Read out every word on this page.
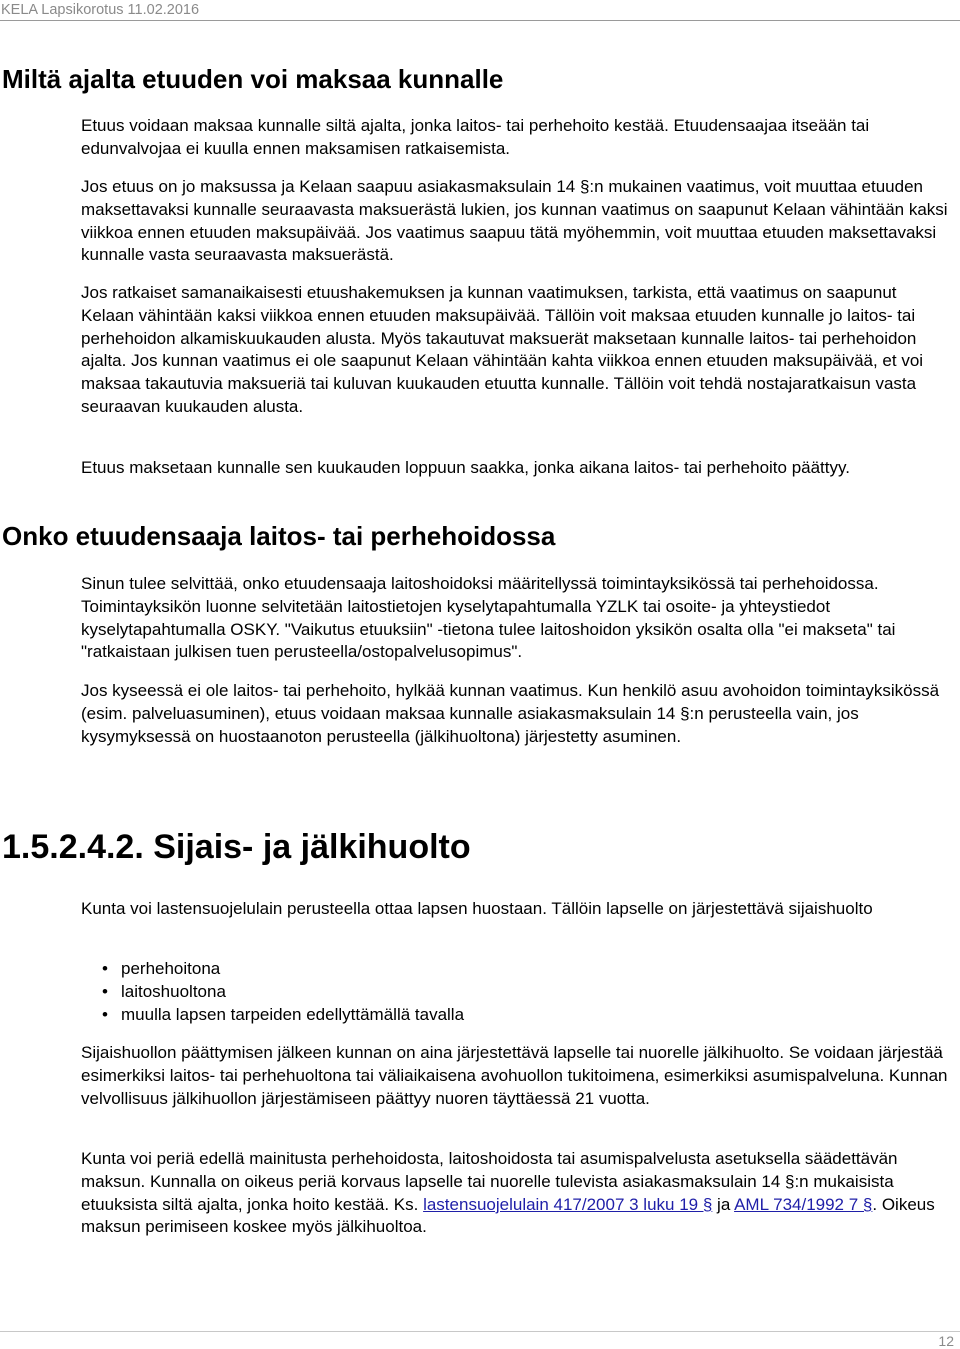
KELA Lapsikorotus 11.02.2016
Miltä ajalta etuuden voi maksaa kunnalle

Etuus voidaan maksaa kunnalle siltä ajalta, jonka laitos- tai perhehoito kestää. Etuudensaajaa itseään tai edunvalvojaa ei kuulla ennen maksamisen ratkaisemista.

Jos etuus on jo maksussa ja Kelaan saapuu asiakasmaksulain 14 §:n mukainen vaatimus, voit muuttaa etuuden maksettavaksi kunnalle seuraavasta maksuerästä lukien, jos kunnan vaatimus on saapunut Kelaan vähintään kaksi viikkoa ennen etuuden maksupäivää. Jos vaatimus saapuu tätä myöhemmin, voit muuttaa etuuden maksettavaksi kunnalle vasta seuraavasta maksuerästä.

Jos ratkaiset samanaikaisesti etuushakemuksen ja kunnan vaatimuksen, tarkista, että vaatimus on saapunut Kelaan vähintään kaksi viikkoa ennen etuuden maksupäivää. Tällöin voit maksaa etuuden kunnalle jo laitos- tai perhehoidon alkamiskuukauden alusta. Myös takautuvat maksuerät maksetaan kunnalle laitos- tai perhehoidon ajalta. Jos kunnan vaatimus ei ole saapunut Kelaan vähintään kahta viikkoa ennen etuuden maksupäivää, et voi maksaa takautuvia maksueriä tai kuluvan kuukauden etuutta kunnalle. Tällöin voit tehdä nostajaratkaisun vasta seuraavan kuukauden alusta.

Etuus maksetaan kunnalle sen kuukauden loppuun saakka, jonka aikana laitos- tai perhehoito päättyy.

Onko etuudensaaja laitos- tai perhehoidossa

Sinun tulee selvittää, onko etuudensaaja laitoshoidoksi määritellyssä toimintayksikössä tai perhehoidossa. Toimintayksikön luonne selvitetään laitostietojen kyselytapahtumalla YZLK tai osoite- ja yhteystiedot kyselytapahtumalla OSKY. "Vaikutus etuuksiin" -tietona tulee laitoshoidon yksikön osalta olla "ei makseta" tai "ratkaistaan julkisen tuen perusteella/ostopalvelusopimus".

Jos kyseessä ei ole laitos- tai perhehoito, hylkää kunnan vaatimus. Kun henkilö asuu avohoidon toimintayksikössä (esim. palveluasuminen), etuus voidaan maksaa kunnalle asiakasmaksulain 14 §:n perusteella vain, jos kysymyksessä on huostaanoton perusteella (jälkihuoltona) järjestetty asuminen.

1.5.2.4.2. Sijais- ja jälkihuolto

Kunta voi lastensuojelulain perusteella ottaa lapsen huostaan. Tällöin lapselle on järjestettävä sijaishuolto

• perhehoitona
• laitoshuoltona
• muulla lapsen tarpeiden edellyttämällä tavalla

Sijaishuollon päättymisen jälkeen kunnan on aina järjestettävä lapselle tai nuorelle jälkihuolto. Se voidaan järjestää esimerkiksi laitos- tai perhehuoltona tai väliaikaisena avohuollon tukitoimena, esimerkiksi asumispalveluna. Kunnan velvollisuus jälkihuollon järjestämiseen päättyy nuoren täyttäessä 21 vuotta.

Kunta voi periä edellä mainitusta perhehoidosta, laitoshoidosta tai asumispalvelusta asetuksella säädettävän maksun. Kunnalla on oikeus periä korvaus lapselle tai nuorelle tulevista asiakasmaksulain 14 §:n mukaisista etuuksista siltä ajalta, jonka hoito kestää. Ks. lastensuojelulain 417/2007 3 luku 19 § ja AML 734/1992 7 §. Oikeus maksun perimiseen koskee myös jälkihuoltoa.

12
